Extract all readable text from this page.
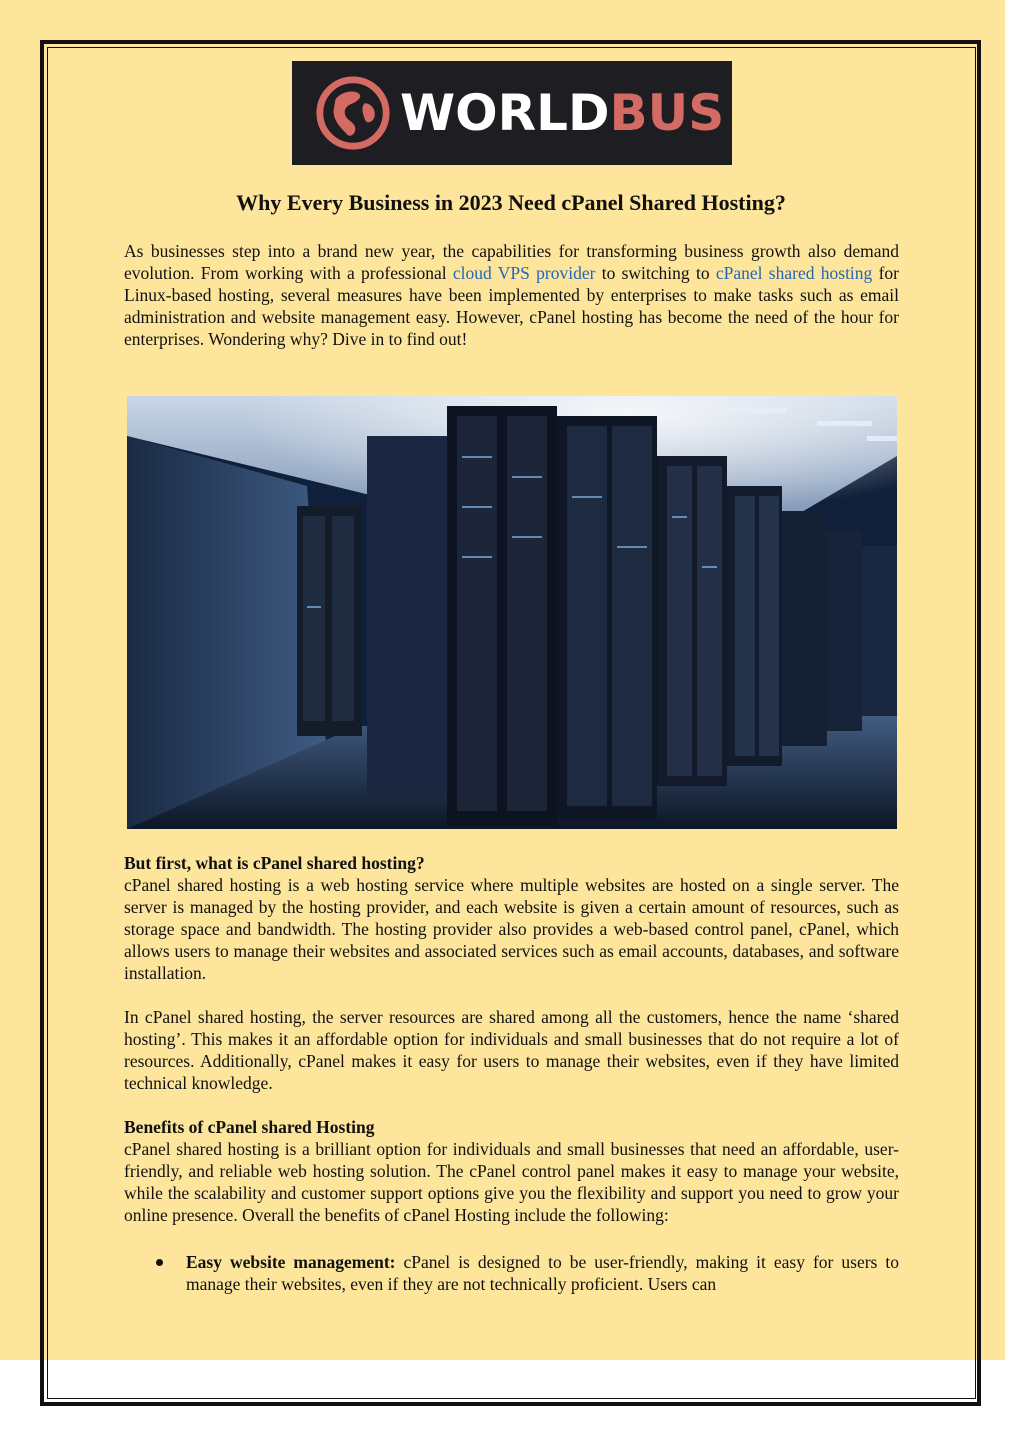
WORLDBUS
Why Every Business in 2023 Need cPanel Shared Hosting?

As businesses step into a brand new year, the capabilities for transforming business growth also demand evolution. From working with a professional cloud VPS provider to switching to cPanel shared hosting for Linux-based hosting, several measures have been implemented by enterprises to make tasks such as email administration and website management easy. However, cPanel hosting has become the need of the hour for enterprises. Wondering why? Dive in to find out!

But first, what is cPanel shared hosting?
cPanel shared hosting is a web hosting service where multiple websites are hosted on a single server. The server is managed by the hosting provider, and each website is given a certain amount of resources, such as storage space and bandwidth. The hosting provider also provides a web-based control panel, cPanel, which allows users to manage their websites and associated services such as email accounts, databases, and software installation.

In cPanel shared hosting, the server resources are shared among all the customers, hence the name ‘shared hosting’. This makes it an affordable option for individuals and small businesses that do not require a lot of resources. Additionally, cPanel makes it easy for users to manage their websites, even if they have limited technical knowledge.

Benefits of cPanel shared Hosting
cPanel shared hosting is a brilliant option for individuals and small businesses that need an affordable, user-friendly, and reliable web hosting solution. The cPanel control panel makes it easy to manage your website, while the scalability and customer support options give you the flexibility and support you need to grow your online presence. Overall the benefits of cPanel Hosting include the following:

Easy website management: cPanel is designed to be user-friendly, making it easy for users to manage their websites, even if they are not technically proficient. Users can
